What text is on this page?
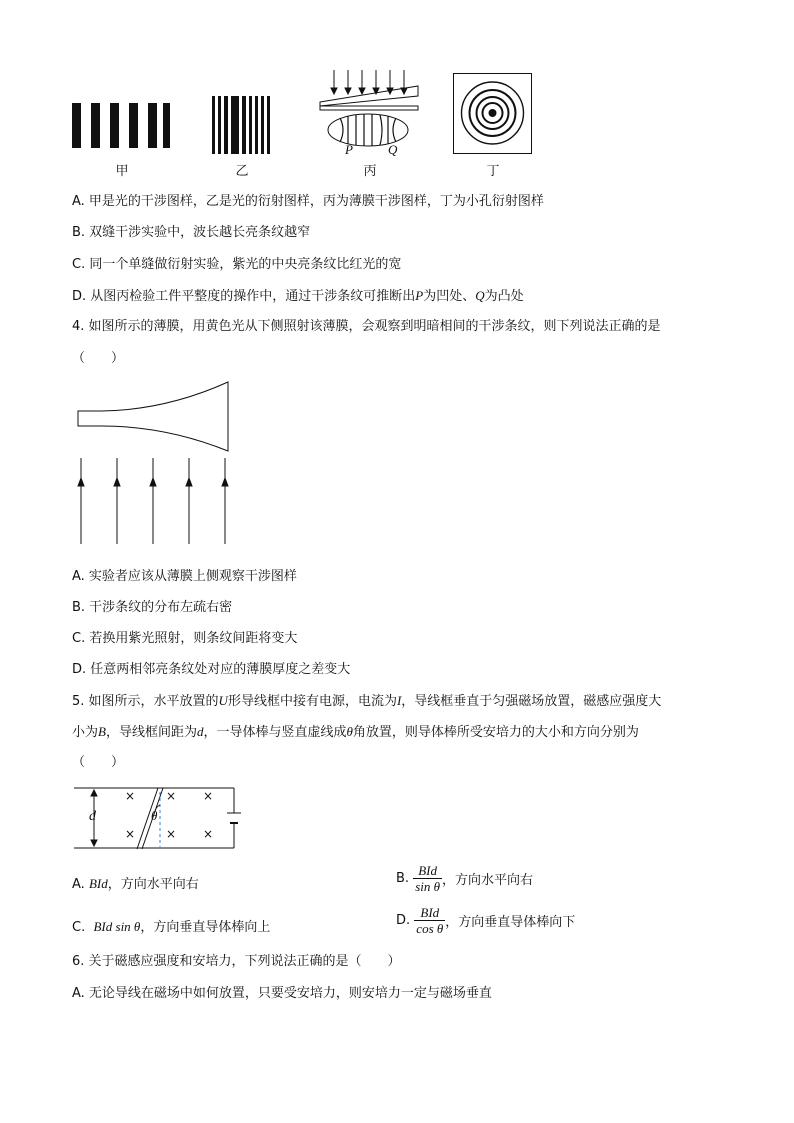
甲	乙
P	Q
丙	丁
A. 甲是光的干涉图样，乙是光的衍射图样，丙为薄膜干涉图样，丁为小孔衍射图样
B. 双缝干涉实验中，波长越长亮条纹越窄
C. 同一个单缝做衍射实验，紫光的中央亮条纹比红光的宽
D. 从图丙检验工件平整度的操作中，通过干涉条纹可推断出P为凹处、Q为凸处
4. 如图所示的薄膜，用黄色光从下侧照射该薄膜，会观察到明暗相间的干涉条纹，则下列说法正确的是
（　　）
A. 实验者应该从薄膜上侧观察干涉图样
B. 干涉条纹的分布左疏右密
C. 若换用紫光照射，则条纹间距将变大
D. 任意两相邻亮条纹处对应的薄膜厚度之差变大
5. 如图所示，水平放置的U形导线框中接有电源，电流为I，导线框垂直于匀强磁场放置，磁感应强度大
小为B，导线框间距为d，一导体棒与竖直虚线成θ角放置，则导体棒所受安培力的大小和方向分别为
（　　）
d	θ
×	× ×
×	× ×
A. BId，方向水平向右	B. $\frac{\text{BId}}{\text{sin θ}}$ ，方向水平向右
C. BId sin θ，方向垂直导体棒向上	D. $\frac{\text{BId}}{\text{cos θ}}$ ，方向垂直导体棒向下
6. 关于磁感应强度和安培力，下列说法正确的是（　　）
A. 无论导线在磁场中如何放置，只要受安培力，则安培力一定与磁场垂直
